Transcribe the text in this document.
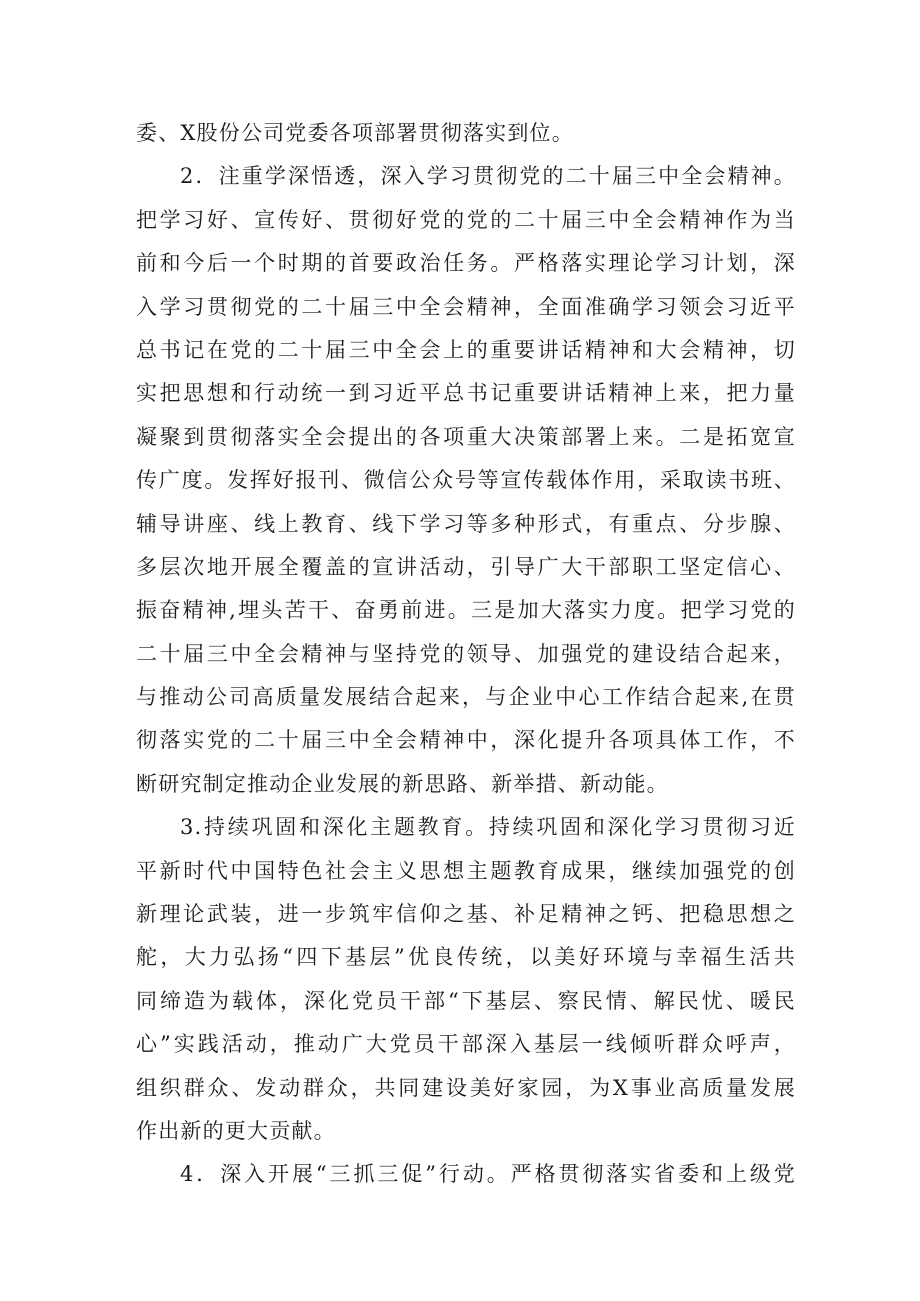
委、X股份公司党委各项部署贯彻落实到位。
2．注重学深悟透，深入学习贯彻党的二十届三中全会精神。
把学习好、宣传好、贯彻好党的党的二十届三中全会精神作为当
前和今后一个时期的首要政治任务。严格落实理论学习计划，深
入学习贯彻党的二十届三中全会精神，全面准确学习领会习近平
总书记在党的二十届三中全会上的重要讲话精神和大会精神，切
实把思想和行动统一到习近平总书记重要讲话精神上来，把力量
凝聚到贯彻落实全会提出的各项重大决策部署上来。二是拓宽宣
传广度。发挥好报刊、微信公众号等宣传载体作用，采取读书班、
辅导讲座、线上教育、线下学习等多种形式，有重点、分步腺、
多层次地开展全覆盖的宣讲活动，引导广大干部职工坚定信心、
振奋精神,埋头苦干、奋勇前进。三是加大落实力度。把学习党的
二十届三中全会精神与坚持党的领导、加强党的建设结合起来，
与推动公司高质量发展结合起来，与企业中心工作结合起来,在贯
彻落实党的二十届三中全会精神中，深化提升各项具体工作，不
断研究制定推动企业发展的新思路、新举措、新动能。
3.持续巩固和深化主题教育。持续巩固和深化学习贯彻习近
平新时代中国特色社会主义思想主题教育成果，继续加强党的创
新理论武装，进一步筑牢信仰之基、补足精神之钙、把稳思想之
舵，大力弘扬“四下基层”优良传统，以美好环境与幸福生活共
同缔造为载体，深化党员干部“下基层、察民情、解民忧、暖民
心”实践活动，推动广大党员干部深入基层一线倾听群众呼声，
组织群众、发动群众，共同建设美好家园，为X事业高质量发展
作出新的更大贡献。
4．深入开展“三抓三促”行动。严格贯彻落实省委和上级党
